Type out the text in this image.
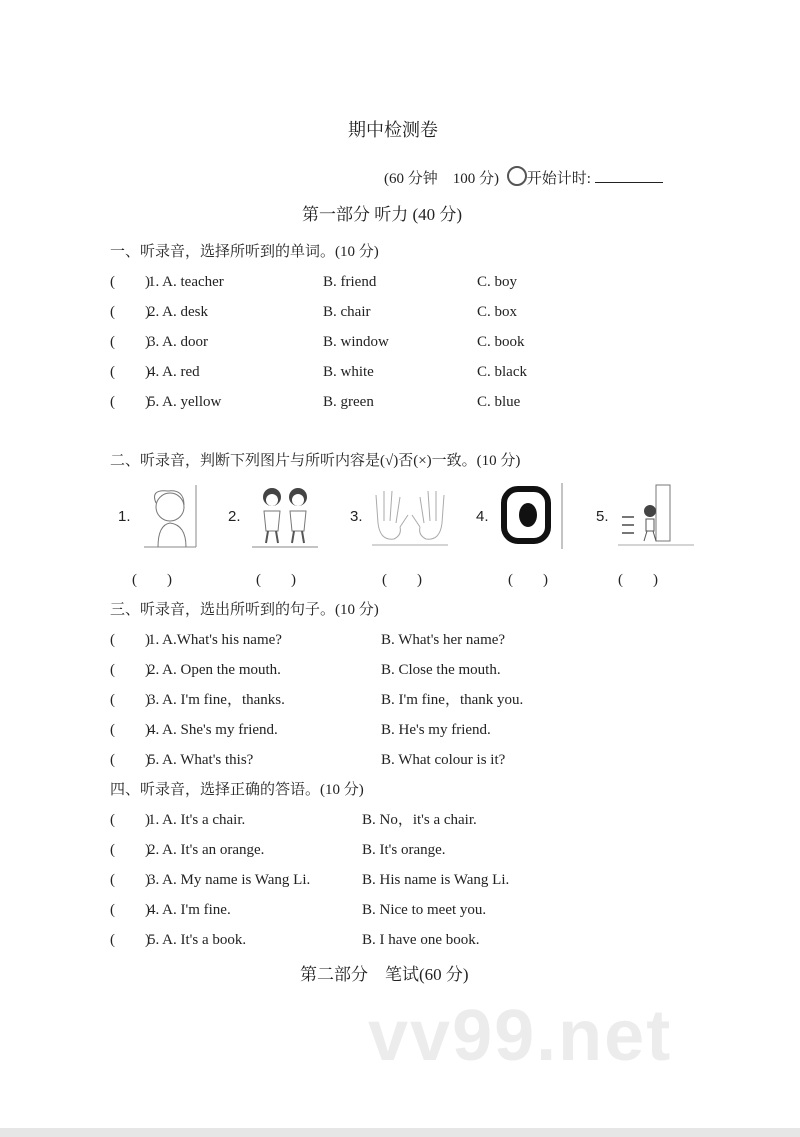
期中检测卷
(60 分钟　100 分) 开始计时:
第一部分 听力 (40 分)
一、听录音，选择所听到的单词。(10 分)
(　　)
1. A. teacher	B. friend	C. boy
(　　)
2. A. desk	B. chair	C. box
(　　)
3. A. door	B. window	C. book
(　　)
4. A. red	B. white	C. black
(　　)
5. A. yellow	B. green	C. blue
二、听录音，判断下列图片与所听内容是(√)否(×)一致。(10 分)
1.	2.	3.	4.	5.
(　　)	(　　)	(　　)	(　　)	(　　)
三、听录音，选出所听到的句子。(10 分)
(　　)
1. A.What's his name?	B. What's her name?
(　　)
2. A. Open the mouth.	B. Close the mouth.
(　　)
3. A. I'm fine，thanks.	B. I'm fine，thank you.
(　　)
4. A. She's my friend.	B. He's my friend.
(　　)
5. A. What's this?	B. What colour is it?
四、听录音，选择正确的答语。(10 分)
(　　)
1. A. It's a chair.	B. No，it's a chair.
(　　)
2. A. It's an orange.	B. It's orange.
(　　)
3. A. My name is Wang Li.	B. His name is Wang Li.
(　　)
4. A. I'm fine.	B. Nice to meet you.
(　　)
5. A. It's a book.	B. I have one book.
第二部分　笔试(60 分)
vv99.net
